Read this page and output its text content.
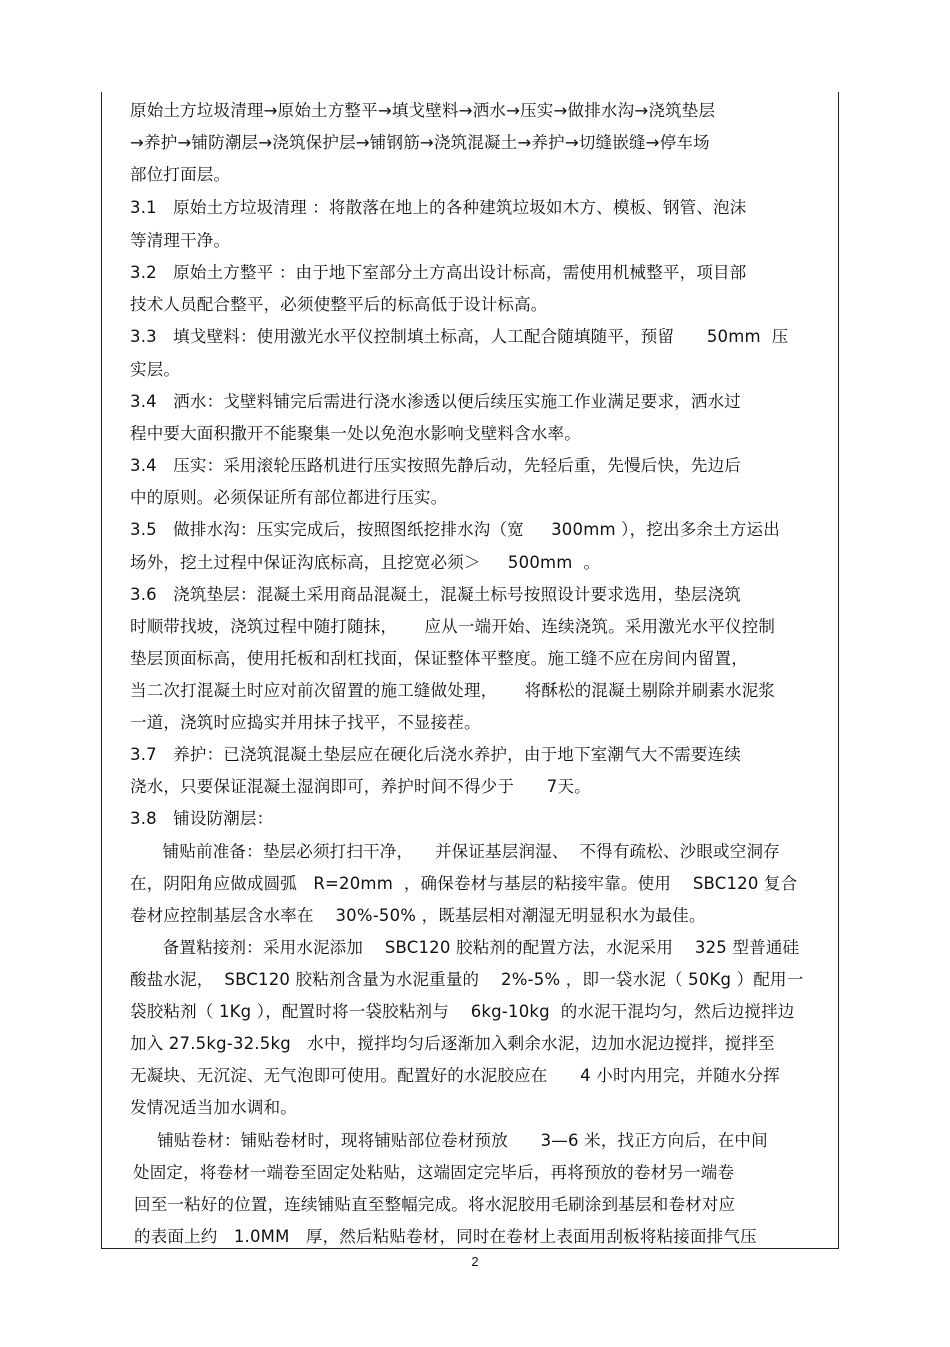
原始土方垃圾清理→原始土方整平→填戈壁料→洒水→压实→做排水沟→浇筑垫层
→养护→铺防潮层→浇筑保护层→铺钢筋→浇筑混凝土→养护→切缝嵌缝→停车场
部位打面层。
3.1   原始土方垃圾清理 ：将散落在地上的各种建筑垃圾如木方、模板、钢管、泡沫
等清理干净。
3.2   原始土方整平 ：由于地下室部分土方高出设计标高，需使用机械整平，项目部
技术人员配合整平，必须使整平后的标高低于设计标高。
3.3   填戈壁料：使用激光水平仪控制填土标高，人工配合随填随平，预留      50mm  压
实层。
3.4   洒水：戈壁料铺完后需进行浇水渗透以便后续压实施工作业满足要求，洒水过
程中要大面积撒开不能聚集一处以免泡水影响戈壁料含水率。
3.4   压实：采用滚轮压路机进行压实按照先静后动，先轻后重，先慢后快，先边后
中的原则。必须保证所有部位都进行压实。
3.5   做排水沟：压实完成后，按照图纸挖排水沟（宽     300mm ），挖出多余土方运出
场外，挖土过程中保证沟底标高，且挖宽必须＞     500mm  。
3.6   浇筑垫层：混凝土采用商品混凝土，混凝土标号按照设计要求选用，垫层浇筑
时顺带找坡，浇筑过程中随打随抹，     应从一端开始、连续浇筑。采用激光水平仪控制
垫层顶面标高，使用托板和刮杠找面，保证整体平整度。施工缝不应在房间内留置，
当二次打混凝土时应对前次留置的施工缝做处理，     将酥松的混凝土剔除并刷素水泥浆
一道，浇筑时应捣实并用抹子找平，不显接茬。
3.7   养护：已浇筑混凝土垫层应在硬化后浇水养护，由于地下室潮气大不需要连续
浇水，只要保证混凝土湿润即可，养护时间不得少于      7天。
3.8   铺设防潮层：
铺贴前准备：垫层必须打扫干净，    并保证基层润湿、  不得有疏松、沙眼或空洞存
在，阴阳角应做成圆弧   R=20mm  ，确保卷材与基层的粘接牢靠。使用    SBC120 复合
卷材应控制基层含水率在    30%-50% ，既基层相对潮湿无明显积水为最佳。
备置粘接剂：采用水泥添加    SBC120 胶粘剂的配置方法，水泥采用    325 型普通硅
酸盐水泥，  SBC120 胶粘剂含量为水泥重量的    2%-5% ，即一袋水泥（ 50Kg ）配用一
袋胶粘剂（ 1Kg ），配置时将一袋胶粘剂与    6kg-10kg  的水泥干混均匀，然后边搅拌边
加入 27.5kg-32.5kg   水中，搅拌均匀后逐渐加入剩余水泥，边加水泥边搅拌，搅拌至
无凝块、无沉淀、无气泡即可使用。配置好的水泥胶应在      4 小时内用完，并随水分挥
发情况适当加水调和。
铺贴卷材：铺贴卷材时，现将铺贴部位卷材预放      3—6 米，找正方向后，在中间
处固定，将卷材一端卷至固定处粘贴，这端固定完毕后，再将预放的卷材另一端卷
回至一粘好的位置，连续铺贴直至整幅完成。将水泥胶用毛刷涂到基层和卷材对应
的表面上约   1.0MM   厚，然后粘贴卷材，同时在卷材上表面用刮板将粘接面排气压
2
